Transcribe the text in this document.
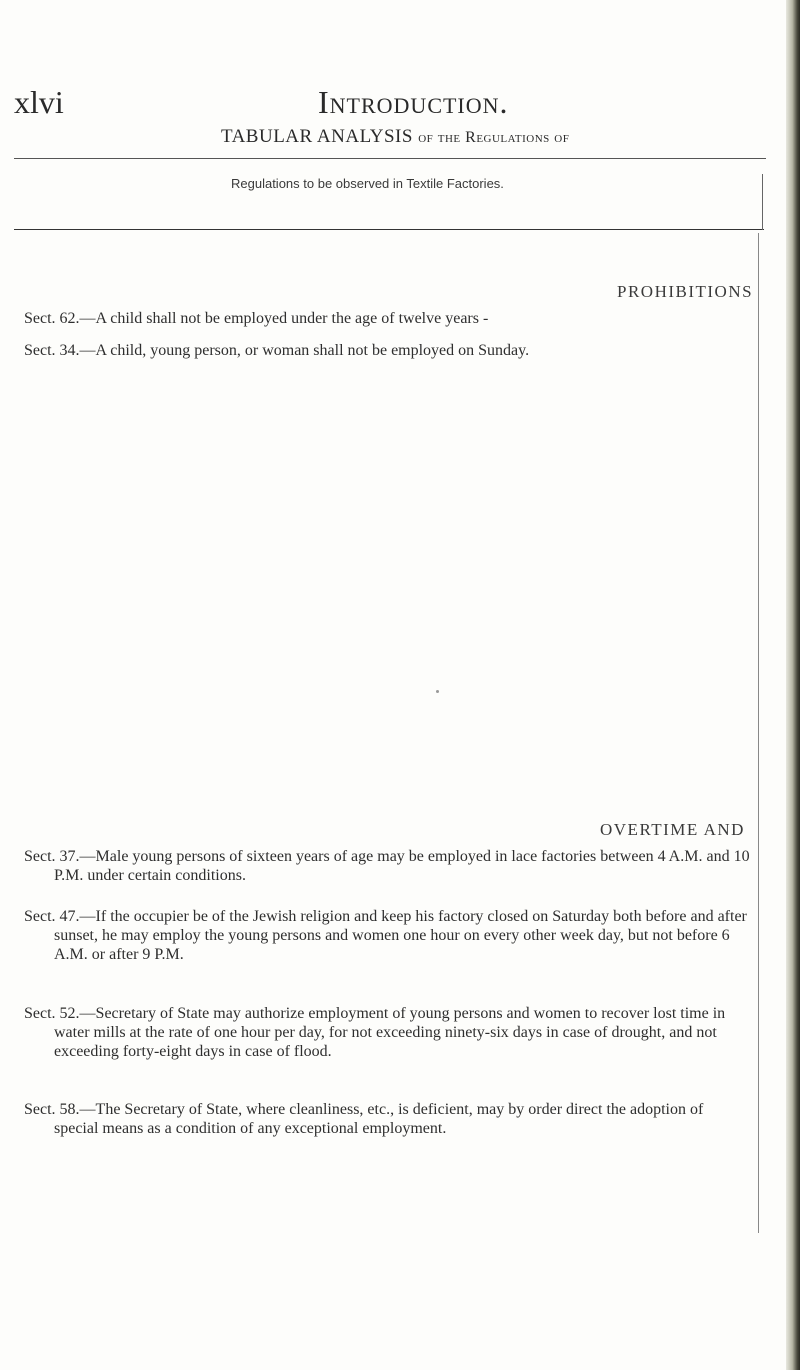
xlvi	Introduction.
TABULAR ANALYSIS of the Regulations of
Regulations to be observed in Textile Factories.
PROHIBITIONS

Sect. 62.—A child shall not be employed under the age of twelve years -

Sect. 34.—A child, young person, or woman shall not be employed on Sunday.

OVERTIME AND

Sect. 37.—Male young persons of sixteen years of age may be employed in lace factories between 4 A.M. and 10 P.M. under certain conditions.

Sect. 47.—If the occupier be of the Jewish religion and keep his factory closed on Saturday both before and after sunset, he may employ the young persons and women one hour on every other week day, but not before 6 A.M. or after 9 P.M.

Sect. 52.—Secretary of State may authorize employment of young persons and women to recover lost time in water mills at the rate of one hour per day, for not exceeding ninety-six days in case of drought, and not exceeding forty-eight days in case of flood.

Sect. 58.—The Secretary of State, where cleanliness, etc., is deficient, may by order direct the adoption of special means as a condition of any exceptional employment.
